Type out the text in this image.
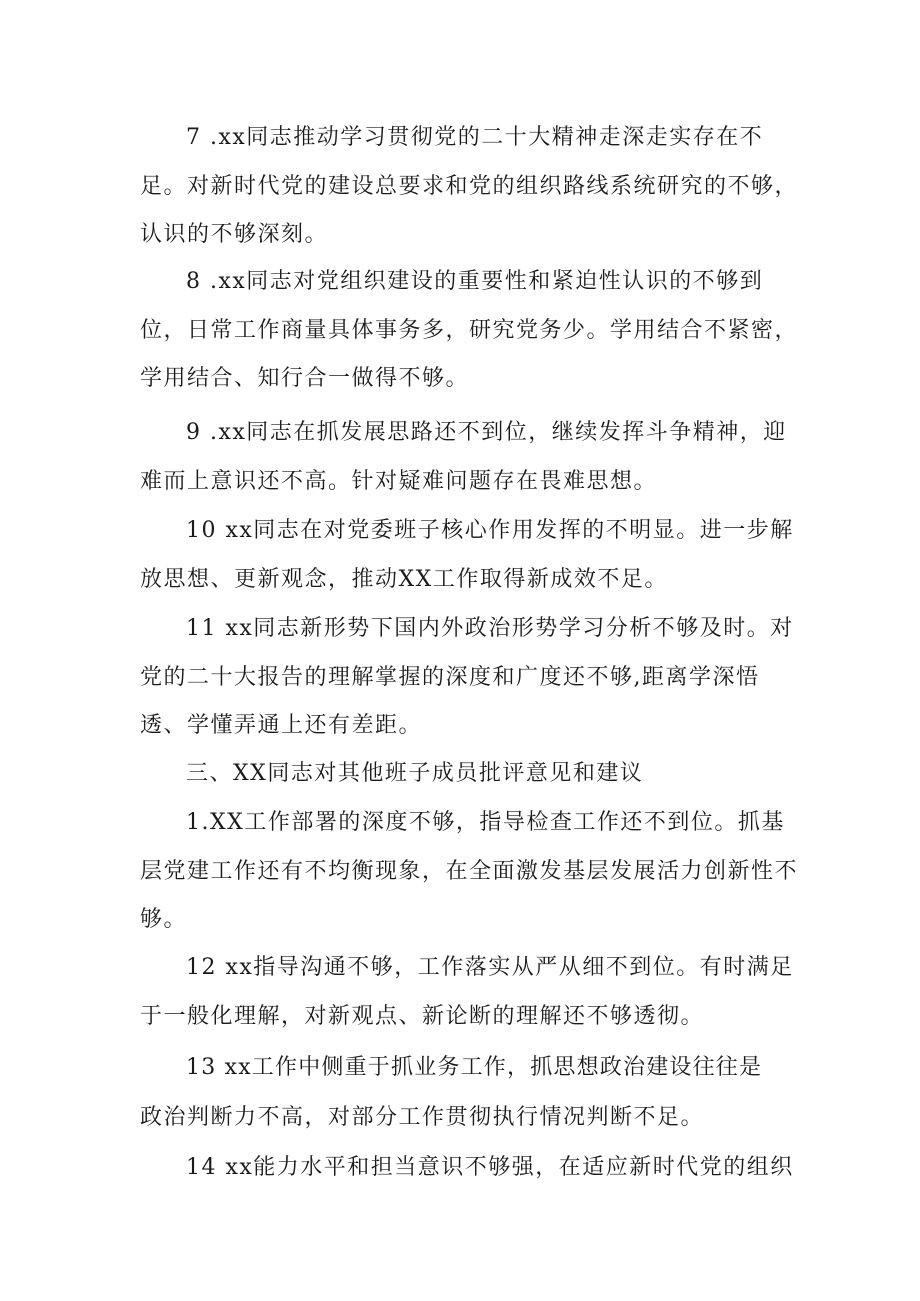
7 .xx同志推动学习贯彻党的二十大精神走深走实存在不足。对新时代党的建设总要求和党的组织路线系统研究的不够，认识的不够深刻。

8 .xx同志对党组织建设的重要性和紧迫性认识的不够到位，日常工作商量具体事务多，研究党务少。学用结合不紧密，学用结合、知行合一做得不够。

9 .xx同志在抓发展思路还不到位，继续发挥斗争精神，迎难而上意识还不高。针对疑难问题存在畏难思想。

10 xx同志在对党委班子核心作用发挥的不明显。进一步解放思想、更新观念，推动XX工作取得新成效不足。

11 xx同志新形势下国内外政治形势学习分析不够及时。对党的二十大报告的理解掌握的深度和广度还不够,距离学深悟透、学懂弄通上还有差距。

三、XX同志对其他班子成员批评意见和建议

1.XX工作部署的深度不够，指导检查工作还不到位。抓基层党建工作还有不均衡现象，在全面激发基层发展活力创新性不够。

12 xx指导沟通不够，工作落实从严从细不到位。有时满足于一般化理解，对新观点、新论断的理解还不够透彻。

13 xx工作中侧重于抓业务工作，抓思想政治建设往往是

政治判断力不高，对部分工作贯彻执行情况判断不足。

14 xx能力水平和担当意识不够强，在适应新时代党的组织
